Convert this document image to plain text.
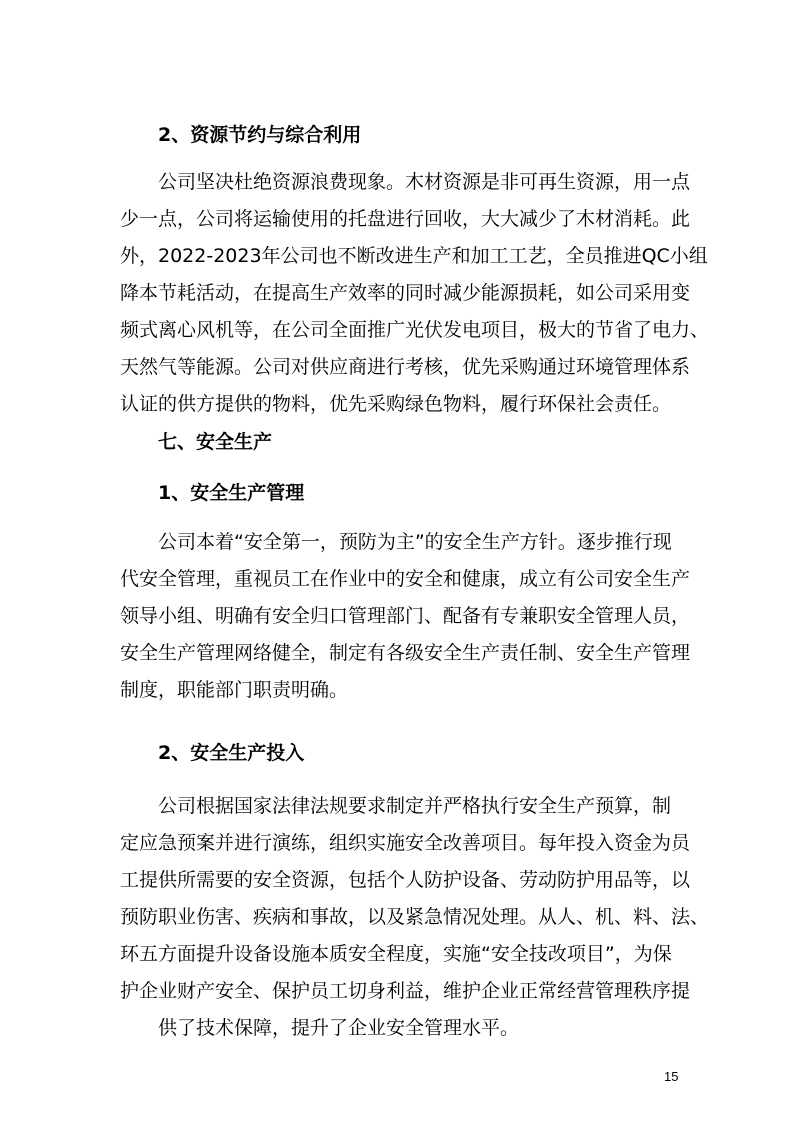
2、资源节约与综合利用
公司坚决杜绝资源浪费现象。木材资源是非可再生资源，用一点
少一点，公司将运输使用的托盘进行回收，大大减少了木材消耗。此
外，2022-2023年公司也不断改进生产和加工工艺，全员推进QC小组
降本节耗活动，在提高生产效率的同时减少能源损耗，如公司采用变
频式离心风机等，在公司全面推广光伏发电项目，极大的节省了电力、
天然气等能源。公司对供应商进行考核，优先采购通过环境管理体系
认证的供方提供的物料，优先采购绿色物料，履行环保社会责任。
七、安全生产
1、安全生产管理
公司本着“安全第一，预防为主”的安全生产方针。逐步推行现
代安全管理，重视员工在作业中的安全和健康，成立有公司安全生产
领导小组、明确有安全归口管理部门、配备有专兼职安全管理人员，
安全生产管理网络健全，制定有各级安全生产责任制、安全生产管理
制度，职能部门职责明确。
2、安全生产投入
公司根据国家法律法规要求制定并严格执行安全生产预算，制
定应急预案并进行演练，组织实施安全改善项目。每年投入资金为员
工提供所需要的安全资源，包括个人防护设备、劳动防护用品等，以
预防职业伤害、疾病和事故，以及紧急情况处理。从人、机、料、法、
环五方面提升设备设施本质安全程度，实施“安全技改项目”，为保
护企业财产安全、保护员工切身利益，维护企业正常经营管理秩序提
供了技术保障，提升了企业安全管理水平。
15
